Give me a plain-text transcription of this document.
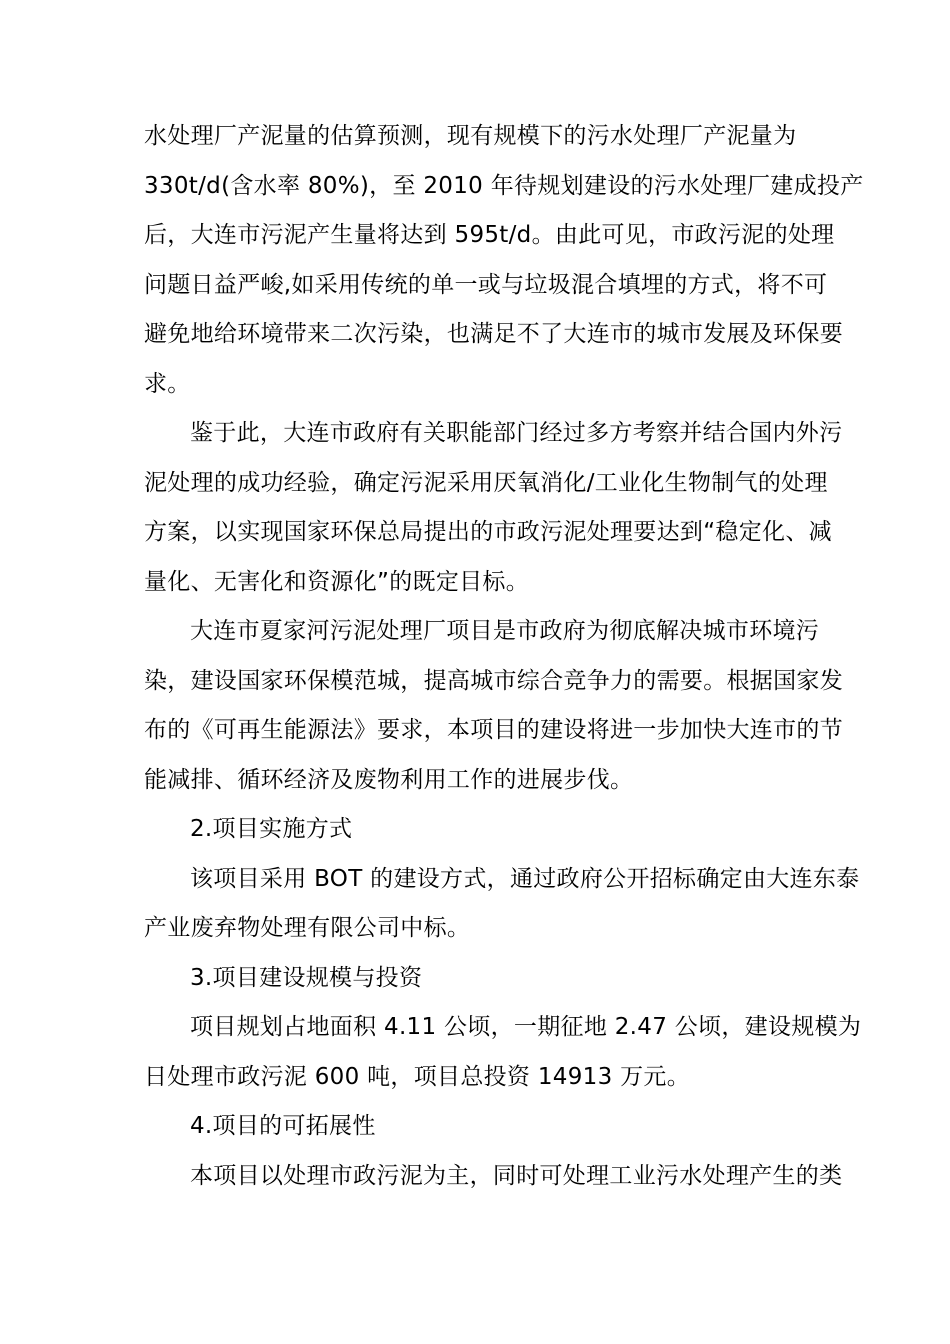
水处理厂产泥量的估算预测，现有规模下的污水处理厂产泥量为
330t/d(含水率 80%)，至 2010 年待规划建设的污水处理厂建成投产
后，大连市污泥产生量将达到 595t/d。由此可见，市政污泥的处理
问题日益严峻,如采用传统的单一或与垃圾混合填埋的方式，将不可
避免地给环境带来二次污染，也满足不了大连市的城市发展及环保要
求。
鉴于此，大连市政府有关职能部门经过多方考察并结合国内外污
泥处理的成功经验，确定污泥采用厌氧消化/工业化生物制气的处理
方案，以实现国家环保总局提出的市政污泥处理要达到“稳定化、减
量化、无害化和资源化”的既定目标。
大连市夏家河污泥处理厂项目是市政府为彻底解决城市环境污
染，建设国家环保模范城，提高城市综合竞争力的需要。根据国家发
布的《可再生能源法》要求，本项目的建设将进一步加快大连市的节
能减排、循环经济及废物利用工作的进展步伐。
2.项目实施方式
该项目采用 BOT 的建设方式，通过政府公开招标确定由大连东泰
产业废弃物处理有限公司中标。
3.项目建设规模与投资
项目规划占地面积 4.11 公顷，一期征地 2.47 公顷，建设规模为
日处理市政污泥 600 吨，项目总投资 14913 万元。
4.项目的可拓展性
本项目以处理市政污泥为主，同时可处理工业污水处理产生的类
